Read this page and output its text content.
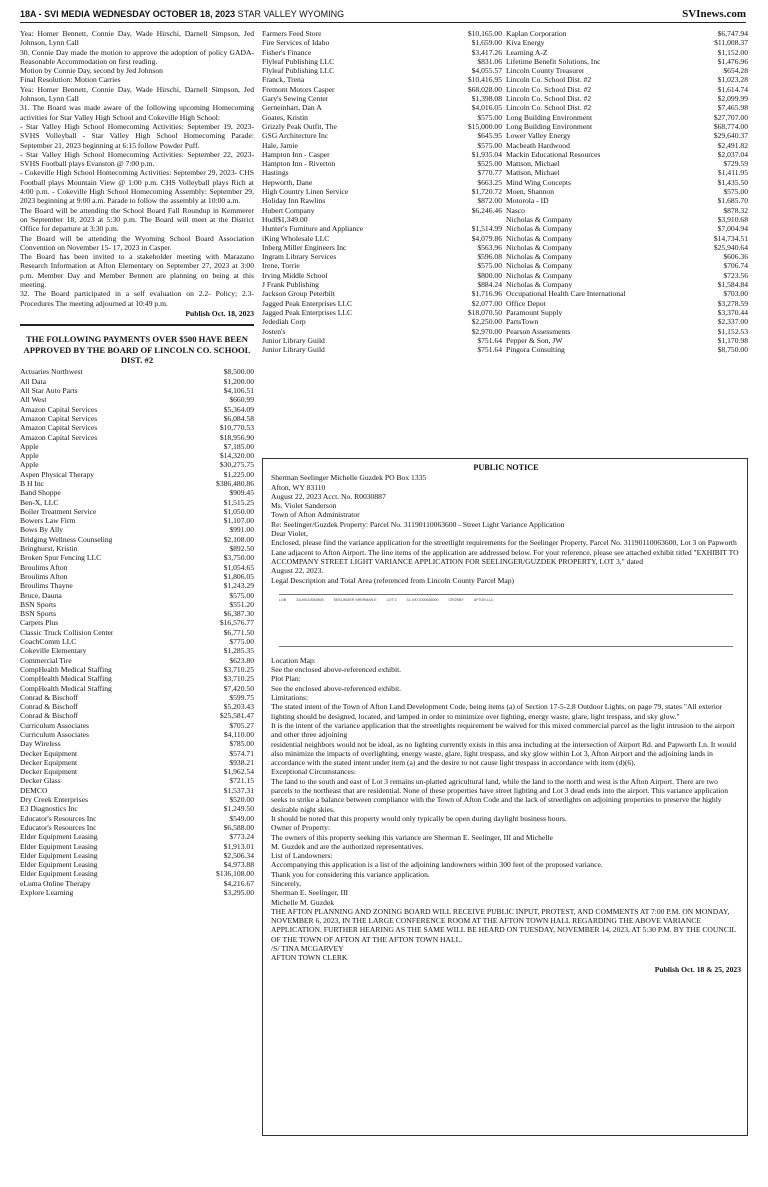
18A - SVI MEDIA WEDNESDAY OCTOBER 18, 2023 STAR VALLEY WYOMING	SVInews.com

Yea: Homer Bennett, Connie Day, Wade Hirschi, Darnell Simpson, Jed Johnson, Lynn Call

30. Connie Day made the motion to approve the adoption of policy GADA- Reasonable Accommodation on first reading.

Motion by Connie Day, second by Jed Johnson

Final Resolution: Motion Carries

Yea: Homer Bennett, Connie Day, Wade Hirschi, Darnell Simpson, Jed Johnson, Lynn Call

31. The Board was made aware of the following upcoming Homecoming activities for Star Valley High School and Cokeville High School:

- Star Valley High School Homecoming Activities: September 19, 2023- SVHS Volleyball - Star Valley High School Homecoming Parade: September 21, 2023 beginning at 6:15 follow Powder Puff.

- Star Valley High School Homecoming Activities: September 22, 2023- SVHS Football plays Evanston @ 7:00 p.m.

- Cokeville High School Homecoming Activities: September 29, 2023- CHS Football plays Mountain View @ 1:00 p.m. CHS Volleyball plays Rich at 4:00 p.m. - Cokeville High School Homecoming Assembly: September 29, 2023 beginning at 9:00 a.m. Parade to follow the assembly at 10:00 a.m.

The Board will be attending the School Board Fall Roundup in Kemmerer on September 18, 2023 at 5:30 p.m. The Board will meet at the District Office for departure at 3:30 p.m.

The Board will be attending the Wyoming School Board Association Convention on November 15- 17, 2023 in Casper.

The Board has been invited to a stakeholder meeting with Marazano Research Information at Afton Elementary on September 27, 2023 at 3:00 p.m. Member Day and Member Bennett are planning on being at this meeting.

32. The Board participated in a self evaluation on 2.2- Policy; 2.3- Procedures The meeting adjourned at 10:49 p.m.

Publish Oct. 18, 2023
THE FOLLOWING PAYMENTS OVER $500 HAVE BEEN APPROVED BY THE BOARD OF LINCOLN CO. SCHOOL DIST. #2
Actuaries Northwest	$8,500.00
All Data	$1,200.00
All Star Auto Parts	$4,106.51
All West	$660.99
Amazon Capital Services	$5,364.09
Amazon Capital Services	$6,084.58
Amazon Capital Services	$10,770.53
Amazon Capital Services	$18,956.90
Apple	$7,185.00
Apple	$14,320.00
Apple	$30,275.75
Aspen Physical Therapy	$1,225.00
B H Inc	$386,480.86
Band Shoppe	$909.45
Ben-X, LLC	$1,515.25
Boiler Treatment Service	$1,050.00
Bowers Law Firm	$1,107.00
Bows By Ally	$991.00
Bridging Wellness Counseling	$2,108.00
Bringhurst, Kristin	$892.50
Broken Spur Fencing LLC	$3,750.00
Broulims Afton	$1,054.65
Broulims Afton	$1,806.05
Broulims Thayne	$1,243.29
Bruce, Dauna	$575.00
BSN Sports	$551.20
BSN Sports	$6,387.30
Carpets Plus	$16,576.77
Classic Truck Collision Center	$6,771.50
CoachComm LLC	$775.00
Cokeville Elementary	$1,285.35
Commercial Tire	$623.80
CompHealth Medical Staffing	$3,710.25
CompHealth Medical Staffing	$3,710.25
CompHealth Medical Staffing	$7,420.50
Conrad & Bischoff	$599.75
Conrad & Bischoff	$5,203.43
Conrad & Bischoff	$25,581.47
Curriculum Associates	$705.27
Curriculum Associates	$4,110.00
Day Wireless	$785.00
Decker Equipment	$574.71
Decker Equipment	$938.21
Decker Equipment	$1,962.54
Decker Glass	$721.15
DEMCO	$1,537.31
Dry Creek Enterprises	$520.00
E3 Diagnostics Inc	$1,249.50
Educator's Resources Inc	$549.00
Educator's Resources Inc	$6,588.00
Elder Equipment Leasing	$773.24
Elder Equipment Leasing	$1,913.01
Elder Equipment Leasing	$2,506.34
Elder Equipment Leasing	$4,973.88
Elder Equipment Leasing	$136,108.00
eLuma Online Therapy	$4,216.67
Explore Learning	$3,295.00
Farmers Feed Store	$10,165.00
Fire Services of Idaho	$1,659.00
Fisher's Finance	$3,417.26
Flyleaf Publishing LLC	$831.06
Flyleaf Publishing LLC	$4,055.57
Franck, Trena	$10,416.95
Fremont Motors Casper	$68,028.00
Gary's Sewing Center	$1,398.08
Gerneinhart, Dan A	$4,016.05
Goates, Kristin	$575.00
Grizzly Peak Outfit, The	$15,000.00
GSG Architecture Inc	$645.95
Hale, Jamie	$575.00
Hampton Inn - Casper	$1,935.04
Hampton Inn - Riverton	$525.00
Hastings	$770.77
Hepworth, Dane	$663.25
High Country Linen Service	$1,720.72
Holiday Inn Rawlins	$872.00
Hubert Company	$6,246.46
Hudl$1,349.00
Hunter's Furniture and Appliance	$1,514.99
iKing Wholesale LLC	$4,079.86
Inberg Miller Engineers Inc	$563.96
Ingram Library Services	$596.08
Irene, Torrie	$575.00
Irving Middle School	$800.00
J Frank Publishing	$884.24
Jackson Group Peterbilt	$1,716.96
Jagged Peak Enterprises LLC	$2,077.00
Jagged Peak Enterprises LLC	$18,070.50
Jedediah Corp	$2,250.00
Josten's	$2,970.00
Junior Library Guild	$751.64
Junior Library Guild	$751.64
Kaplan Corporation	$6,747.94
Kiva Energy	$11,008.37
Learning A-Z	$1,152.00
Lifetime Benefit Solutions, Inc	$1,476.96
Lincoln County Treasurer	$654.28
Lincoln Co. School Dist. #2	$1,023.28
Lincoln Co. School Dist. #2	$1,614.74
Lincoln Co. School Dist. #2	$2,099.99
Lincoln Co. School Dist. #2	$7,465.98
Long Building Environment	$27,707.00
Long Building Environment	$68,774.00
Lower Valley Energy	$29,640.37
Macbeath Hardwood	$2,491.82
Mackin Educational Resources	$2,037.04
Mattson, Michael	$729.59
Mattson, Michael	$1,411.95
Mind Wing Concepts	$1,435.50
Moen, Shannon	$575.00
Motorola - ID	$1,685.70
Nasco	$878.32
Nicholas & Company	$3,910.68
Nicholas & Company	$7,004.94
Nicholas & Company	$14,734.51
Nicholas & Company	$25,940.64
Nicholas & Company	$606.36
Nicholas & Company	$706.74
Nicholas & Company	$723.56
Nicholas & Company	$1,584.84
Occupational Health Care International	$703.00
Office Depot	$3,278.59
Paramount Supply	$3,370.44
PartsTown	$2,337.00
Pearson Assessments	$1,152.53
Pepper & Son, JW	$1,170.98
Pingora Consulting	$8,750.00
PUBLIC NOTICE

Sherman Seelinger Michelle Guzdek PO Box 1335

Afton, WY 83110

August 22, 2023 Acct. No. R0030887

Ms. Violet Sanderson

Town of Afton Administrator

Re: Seelinger/Guzdek Property: Parcel No. 31190110063600 - Street Light Variance Application

Dear Violet,

Enclosed, please find the variance application for the streetlight requirements for the Seelinger Property, Parcel No. 31190110063600, Lot 3 on Papworth Lane adjacent to Afton Airport. The line items of the application are addressed below. For your reference, please see attached exhibit titled "EXHIBIT TO ACCOMPANY STREET LIGHT VARIANCE APPLICATION FOR SEELINGER/GUZDEK PROPERTY, LOT 3," dated

August 22, 2023.

Legal Description and Total Area (referenced from Lincoln County Parcel Map)

LOB	31190110063600	SEELINGER SHERMAN E	LOT 3	31 190 1000636000	CROSBY	AFTON LLC

Location Map:

See the enclosed above-referenced exhibit.

Plot Plan:

See the enclosed above-referenced exhibit.

Limitations:

The stated intent of the Town of Afton Land Development Code, being items (a) of Section 17-5-2.8 Outdoor Lights, on page 79, states "All exterior lighting should be designed, located, and lamped in order to minimize over lighting, energy waste, glare, light trespass, and sky glow."

It is the intent of the variance application that the streetlights requirement be waived for this mixed commercial parcel as the light intrusion to the airport and other three adjoining

residential neighbors would not be ideal, as no lighting currently exists in this area including at the intersection of Airport Rd. and Papworth Ln. It would also minimize the impacts of overlighting, energy waste, glare, light trespass, and sky glow within Lot 3, Afton Airport and the adjoining lands in accordance with the stated intent under item (a) and the desire to not cause light trespass in accordance with item (d)(6).

Exceptional Circumstances:

The land to the south and east of Lot 3 remains un-platted agricultural land, while the land to the north and west is the Afton Airport. There are two parcels to the northeast that are residential. None of these properties have street lighting and Lot 3 dead ends into the airport. This variance application seeks to strike a balance between compliance with the Town of Afton Code and the lack of streetlights on adjoining properties to preserve the highly desirable night skies.

It should be noted that this property would only typically be open during daylight business hours.

Owner of Property:

The owners of this property seeking this variance are Sherman E. Seelinger, III and Michelle

M. Guzdek and are the authorized representatives.

List of Landowners:

Accompanying this application is a list of the adjoining landowners within 300 feet of the proposed variance.

Thank you for considering this variance application.

Sincerely,

Sherman E. Seelinger, III

Michelle M. Guzdek

THE AFTON PLANNING AND ZONING BOARD WILL RECEIVE PUBLIC INPUT, PROTEST, AND COMMENTS AT 7:00 P.M. ON MONDAY, NOVEMBER 6, 2023, IN THE LARGE CONFERENCE ROOM AT THE AFTON TOWN HALL REGARDING THE ABOVE VARIANCE APPLICATION. FURTHER HEARING AS THE SAME WILL BE HEARD ON TUESDAY, NOVEMBER 14, 2023, AT 5:30 P.M. BY THE COUNCIL OF THE TOWN OF AFTON AT THE AFTON TOWN HALL.

/S/ TINA MCGARVEY

AFTON TOWN CLERK

Publish Oct. 18 & 25, 2023
